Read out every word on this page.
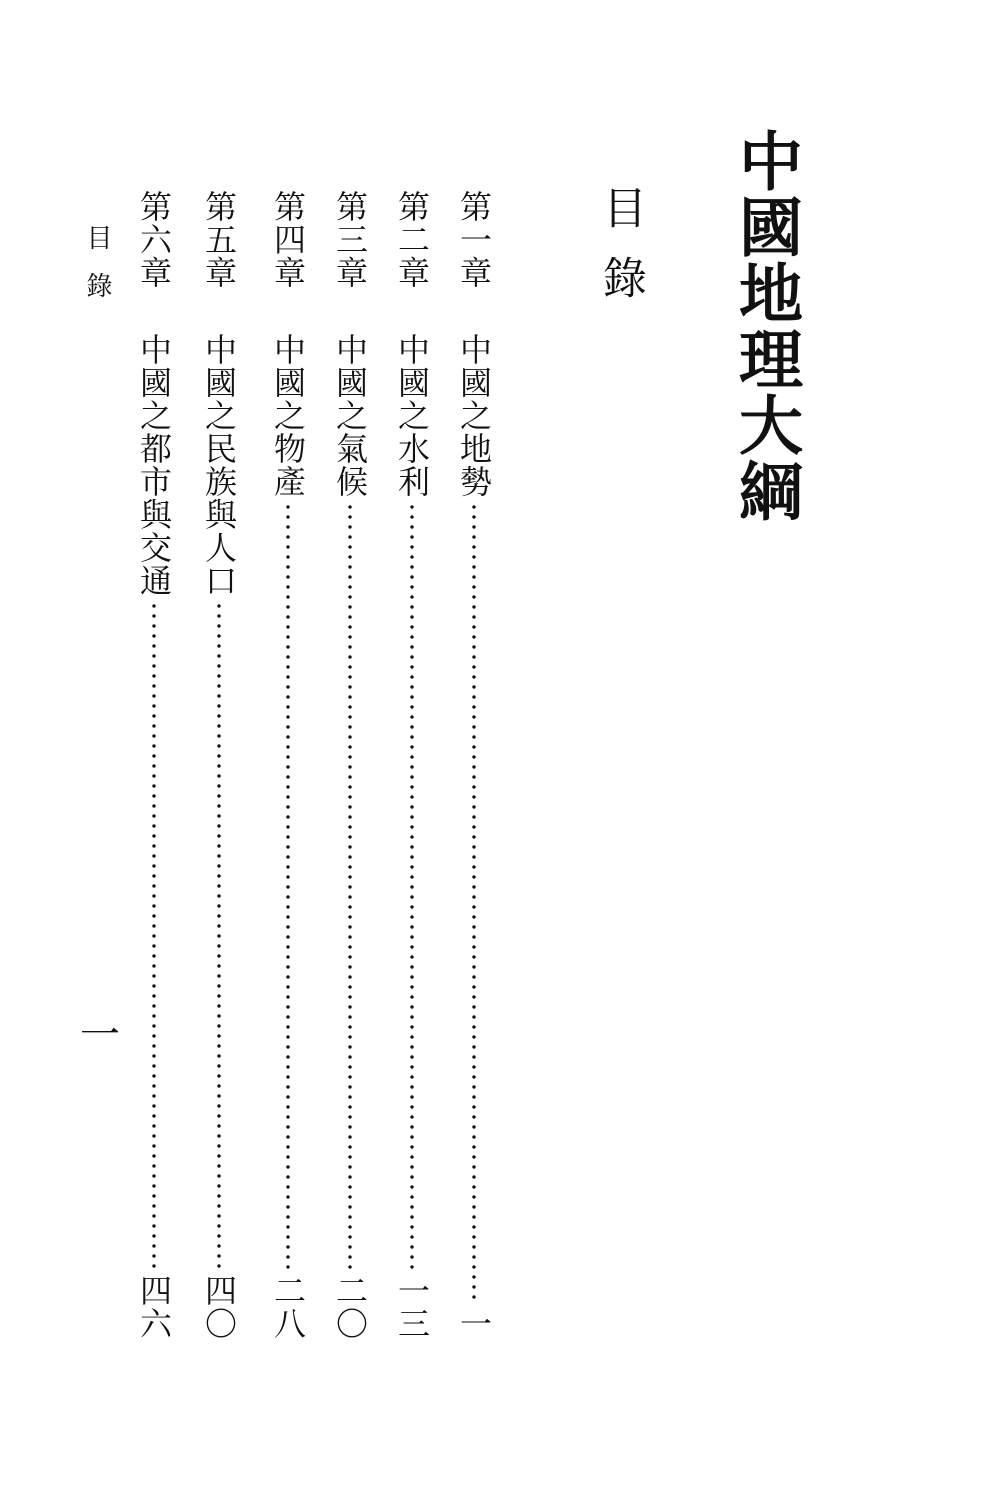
中國地理大綱
目錄
第一章
中國之地勢
一
第二章
中國之水利
一三
第三章
中國之氣候
二〇
第四章
中國之物產
二八
第五章
中國之民族與人口
四〇
第六章
中國之都市與交通
四六
目錄
一
